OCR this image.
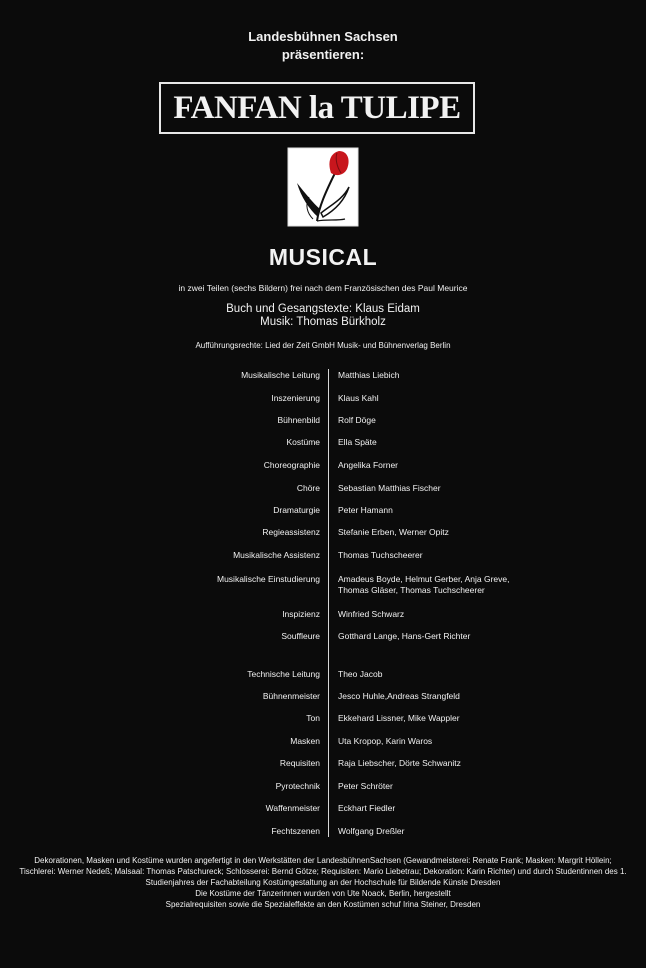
Landesbühnen Sachsen
präsentieren:
FANFAN la TULIPE
MUSICAL
in zwei Teilen (sechs Bildern) frei nach dem Französischen des Paul Meurice
Buch und Gesangstexte: Klaus Eidam
Musik: Thomas Bürkholz
Aufführungsrechte: Lied der Zeit GmbH Musik- und Bühnenverlag Berlin
Musikalische Leitung Matthias Liebich
Inszenierung Klaus Kahl
Bühnenbild Rolf Döge
Kostüme Ella Späte
Choreographie Angelika Forner
Chöre Sebastian Matthias Fischer
Dramaturgie Peter Hamann
Regieassistenz Stefanie Erben, Werner Opitz
Musikalische Assistenz Thomas Tuchscheerer
Musikalische Einstudierung Amadeus Boyde, Helmut Gerber, Anja Greve, Thomas Gläser, Thomas Tuchscheerer
Inspizienz Winfried Schwarz
Souffleure Gotthard Lange, Hans-Gert Richter
Technische Leitung Theo Jacob
Bühnenmeister Jesco Huhle,Andreas Strangfeld
Ton Ekkehard Lissner, Mike Wappler
Masken Uta Kropop, Karin Waros
Requisiten Raja Liebscher, Dörte Schwanitz
Pyrotechnik Peter Schröter
Waffenmeister Eckhart Fiedler
Fechtszenen Wolfgang Dreßler
Dekorationen, Masken und Kostüme wurden angefertigt in den Werkstätten der LandesbühnenSachsen (Gewandmeisterei: Renate Frank; Masken: Margrit Höllein; Tischlerei: Werner Nedeß; Malsaal: Thomas Patschureck; Schlosserei: Bernd Götze; Requisiten: Mario Liebetrau; Dekoration: Karin Richter) und durch Studentinnen des 1. Studienjahres der Fachabteilung Kostümgestaltung an der Hochschule für Bildende Künste Dresden
Die Kostüme der Tänzerinnen wurden von Ute Noack, Berlin, hergestellt
Spezialrequisiten sowie die Spezialeffekte an den Kostümen schuf Irina Steiner, Dresden
